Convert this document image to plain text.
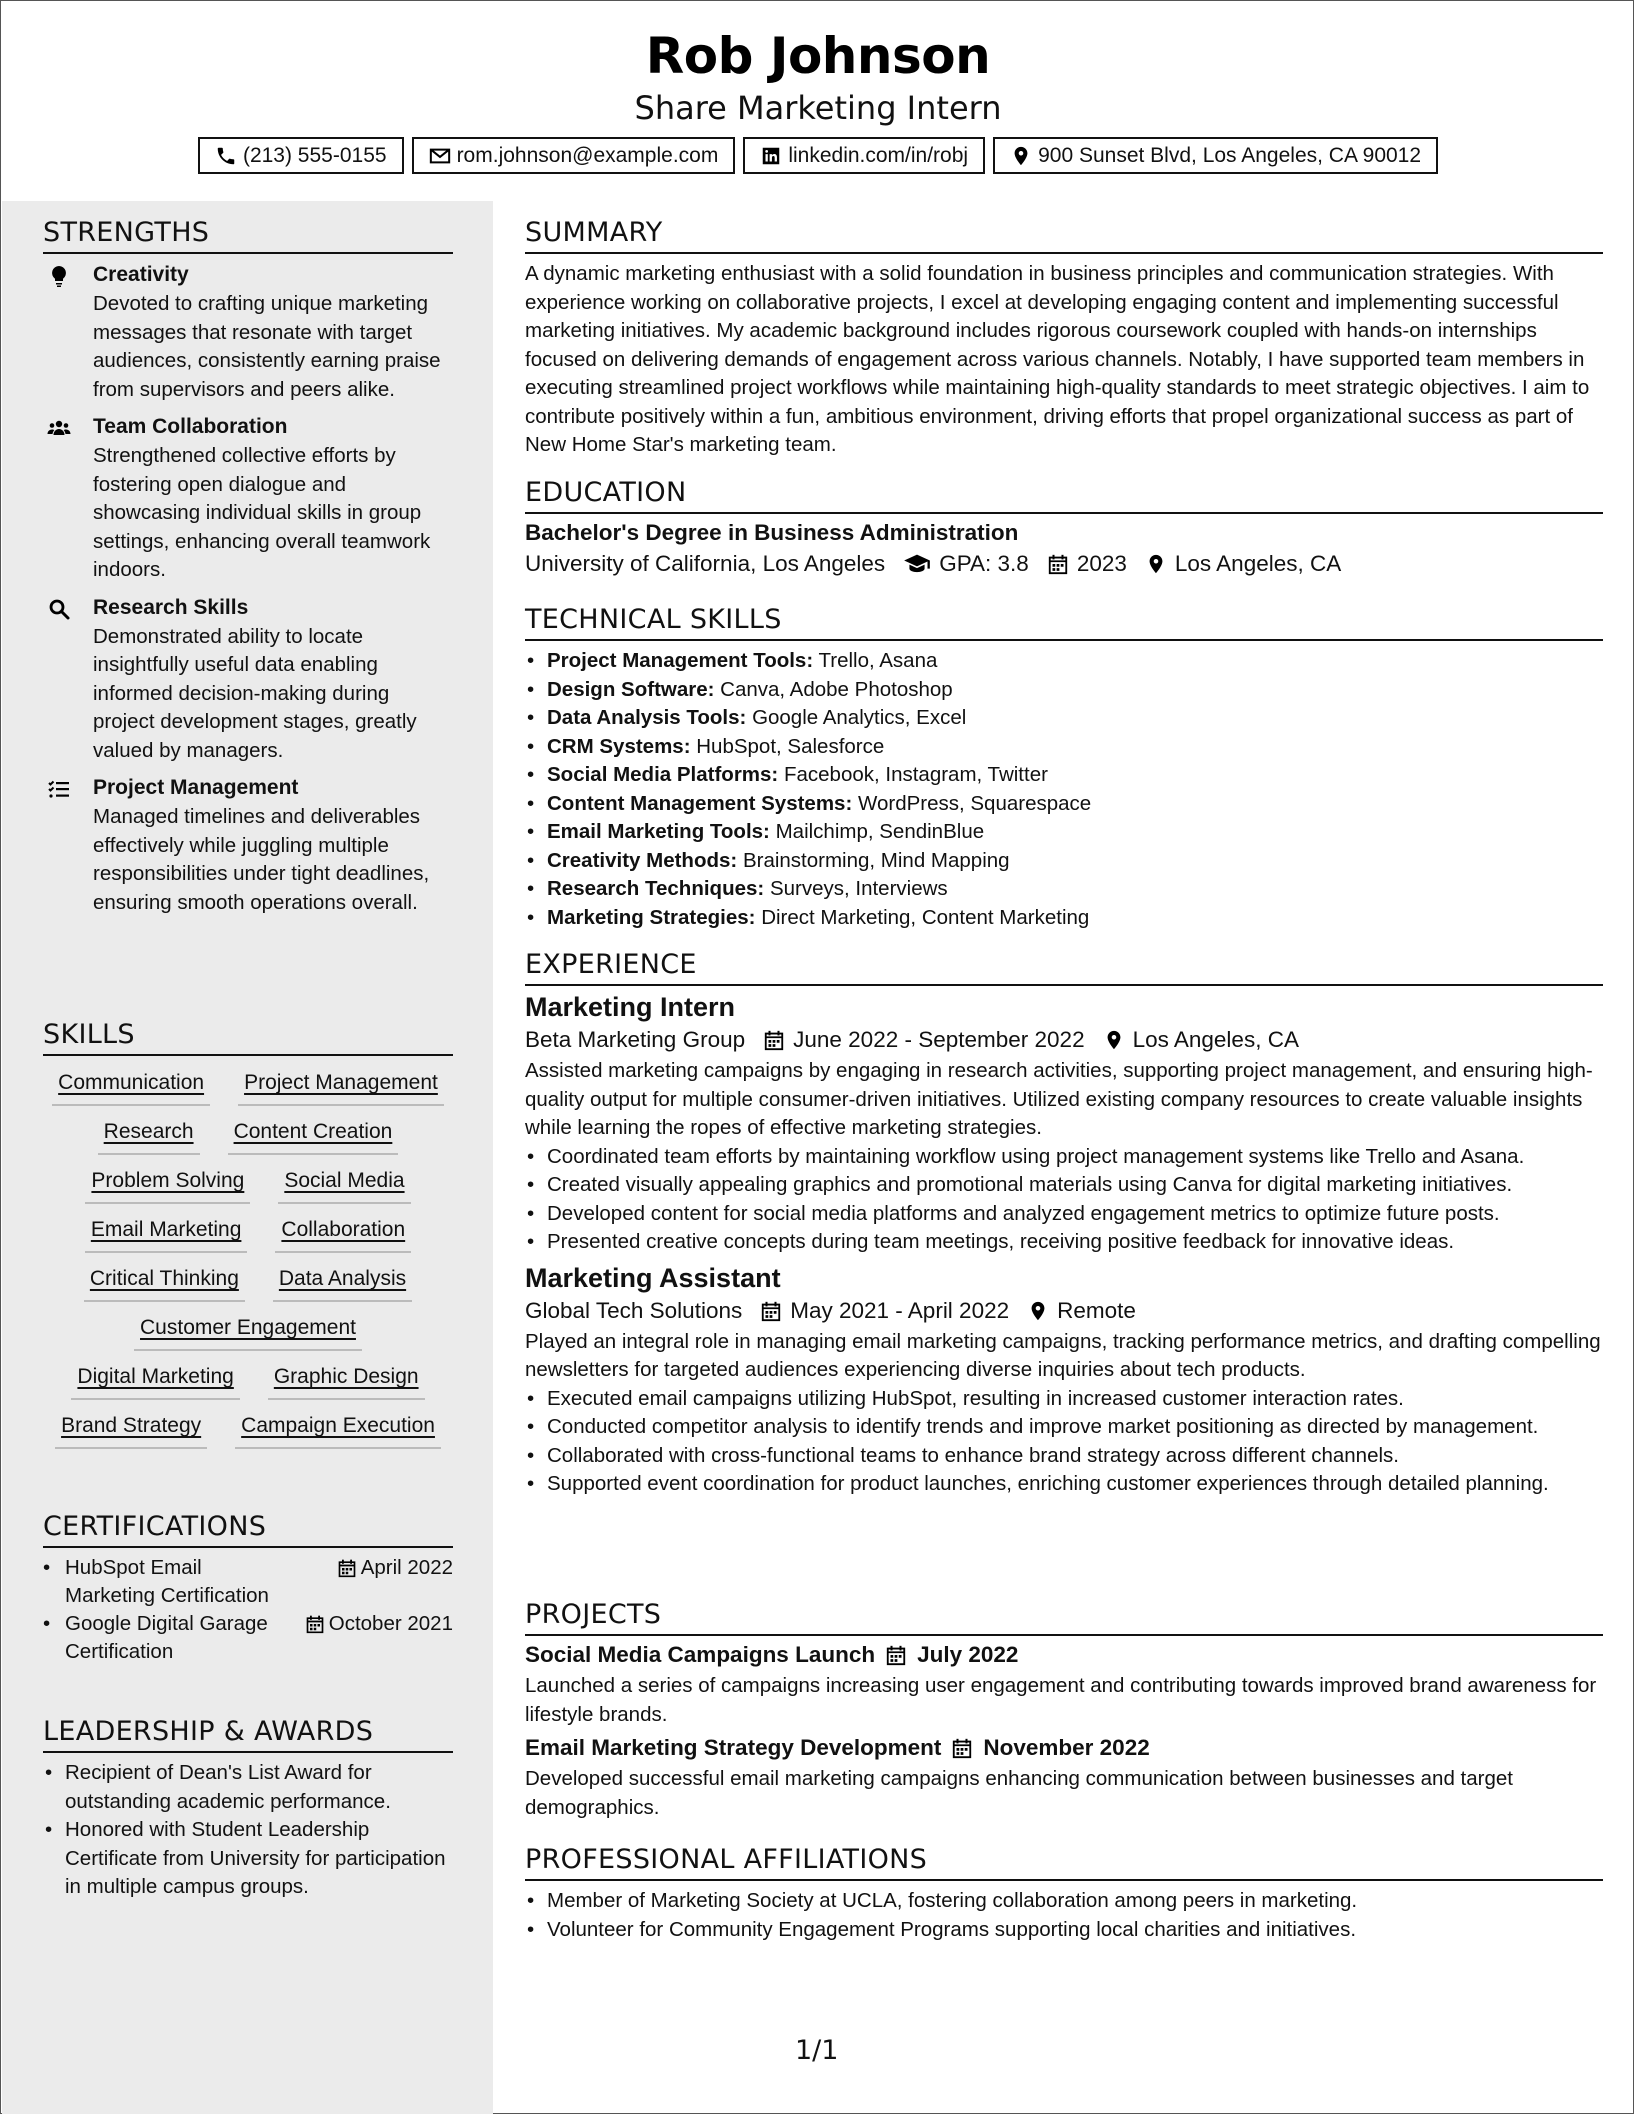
Rob Johnson
Share Marketing Intern
(213) 555-0155	rom.johnson@example.com	linkedin.com/in/robj	900 Sunset Blvd, Los Angeles, CA 90012
STRENGTHS
Creativity
Devoted to crafting unique marketing messages that resonate with target audiences, consistently earning praise from supervisors and peers alike.
Team Collaboration
Strengthened collective efforts by fostering open dialogue and showcasing individual skills in group settings, enhancing overall teamwork indoors.
Research Skills
Demonstrated ability to locate insightfully useful data enabling informed decision-making during project development stages, greatly valued by managers.
Project Management
Managed timelines and deliverables effectively while juggling multiple responsibilities under tight deadlines, ensuring smooth operations overall.
SKILLS
Communication Project Management
Research Content Creation
Problem Solving Social Media
Email Marketing Collaboration
Critical Thinking Data Analysis
Customer Engagement
Digital Marketing Graphic Design
Brand Strategy Campaign Execution
CERTIFICATIONS
• HubSpot Email Marketing Certification
April 2022
• Google Digital Garage Certification
October 2021
LEADERSHIP & AWARDS
• Recipient of Dean's List Award for outstanding academic performance.
• Honored with Student Leadership Certificate from University for participation in multiple campus groups.
SUMMARY
A dynamic marketing enthusiast with a solid foundation in business principles and communication strategies. With experience working on collaborative projects, I excel at developing engaging content and implementing successful marketing initiatives. My academic background includes rigorous coursework coupled with hands-on internships focused on delivering demands of engagement across various channels. Notably, I have supported team members in executing streamlined project workflows while maintaining high-quality standards to meet strategic objectives. I aim to contribute positively within a fun, ambitious environment, driving efforts that propel organizational success as part of New Home Star's marketing team.
EDUCATION
Bachelor's Degree in Business Administration
University of California, Los Angeles GPA: 3.8 2023 Los Angeles, CA
TECHNICAL SKILLS
• Project Management Tools: Trello, Asana
• Design Software: Canva, Adobe Photoshop
• Data Analysis Tools: Google Analytics, Excel
• CRM Systems: HubSpot, Salesforce
• Social Media Platforms: Facebook, Instagram, Twitter
• Content Management Systems: WordPress, Squarespace
• Email Marketing Tools: Mailchimp, SendinBlue
• Creativity Methods: Brainstorming, Mind Mapping
• Research Techniques: Surveys, Interviews
• Marketing Strategies: Direct Marketing, Content Marketing
EXPERIENCE
Marketing Intern
Beta Marketing Group June 2022 - September 2022 Los Angeles, CA
Assisted marketing campaigns by engaging in research activities, supporting project management, and ensuring high-quality output for multiple consumer-driven initiatives. Utilized existing company resources to create valuable insights while learning the ropes of effective marketing strategies.
• Coordinated team efforts by maintaining workflow using project management systems like Trello and Asana.
• Created visually appealing graphics and promotional materials using Canva for digital marketing initiatives.
• Developed content for social media platforms and analyzed engagement metrics to optimize future posts.
• Presented creative concepts during team meetings, receiving positive feedback for innovative ideas.
Marketing Assistant
Global Tech Solutions May 2021 - April 2022 Remote
Played an integral role in managing email marketing campaigns, tracking performance metrics, and drafting compelling newsletters for targeted audiences experiencing diverse inquiries about tech products.
• Executed email campaigns utilizing HubSpot, resulting in increased customer interaction rates.
• Conducted competitor analysis to identify trends and improve market positioning as directed by management.
• Collaborated with cross-functional teams to enhance brand strategy across different channels.
• Supported event coordination for product launches, enriching customer experiences through detailed planning.
PROJECTS
Social Media Campaigns Launch July 2022
Launched a series of campaigns increasing user engagement and contributing towards improved brand awareness for lifestyle brands.
Email Marketing Strategy Development November 2022
Developed successful email marketing campaigns enhancing communication between businesses and target demographics.
PROFESSIONAL AFFILIATIONS
• Member of Marketing Society at UCLA, fostering collaboration among peers in marketing.
• Volunteer for Community Engagement Programs supporting local charities and initiatives.
1/1
